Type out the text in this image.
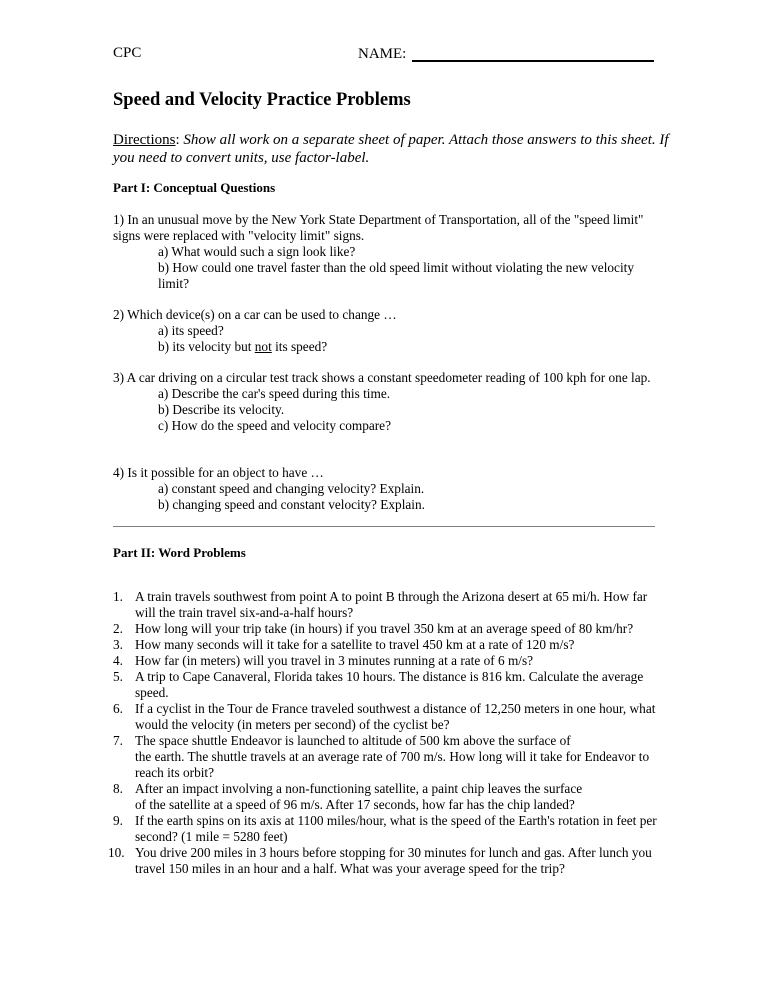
CPC	NAME:
Speed and Velocity Practice Problems
Directions: Show all work on a separate sheet of paper. Attach those answers to this sheet. If you need to convert units, use factor-label.
Part I: Conceptual Questions
1) In an unusual move by the New York State Department of Transportation, all of the "speed limit" signs were replaced with "velocity limit" signs.
a) What would such a sign look like?
b) How could one travel faster than the old speed limit without violating the new velocity limit?
2) Which device(s) on a car can be used to change …
a) its speed?
b) its velocity but not its speed?
3) A car driving on a circular test track shows a constant speedometer reading of 100 kph for one lap.
a) Describe the car's speed during this time.
b) Describe its velocity.
c) How do the speed and velocity compare?
4) Is it possible for an object to have …
a) constant speed and changing velocity? Explain.
b) changing speed and constant velocity? Explain.
Part II: Word Problems
1. A train travels southwest from point A to point B through the Arizona desert at 65 mi/h. How far will the train travel six-and-a-half hours?
2. How long will your trip take (in hours) if you travel 350 km at an average speed of 80 km/hr?
3. How many seconds will it take for a satellite to travel 450 km at a rate of 120 m/s?
4. How far (in meters) will you travel in 3 minutes running at a rate of 6 m/s?
5. A trip to Cape Canaveral, Florida takes 10 hours. The distance is 816 km. Calculate the average speed.
6. If a cyclist in the Tour de France traveled southwest a distance of 12,250 meters in one hour, what would the velocity (in meters per second) of the cyclist be?
7. The space shuttle Endeavor is launched to altitude of 500 km above the surface of
the earth. The shuttle travels at an average rate of 700 m/s. How long will it take for Endeavor to reach its orbit?
8. After an impact involving a non-functioning satellite, a paint chip leaves the surface
of the satellite at a speed of 96 m/s. After 17 seconds, how far has the chip landed?
9. If the earth spins on its axis at 1100 miles/hour, what is the speed of the Earth's rotation in feet per second? (1 mile = 5280 feet)
10. You drive 200 miles in 3 hours before stopping for 30 minutes for lunch and gas. After lunch you travel 150 miles in an hour and a half. What was your average speed for the trip?
